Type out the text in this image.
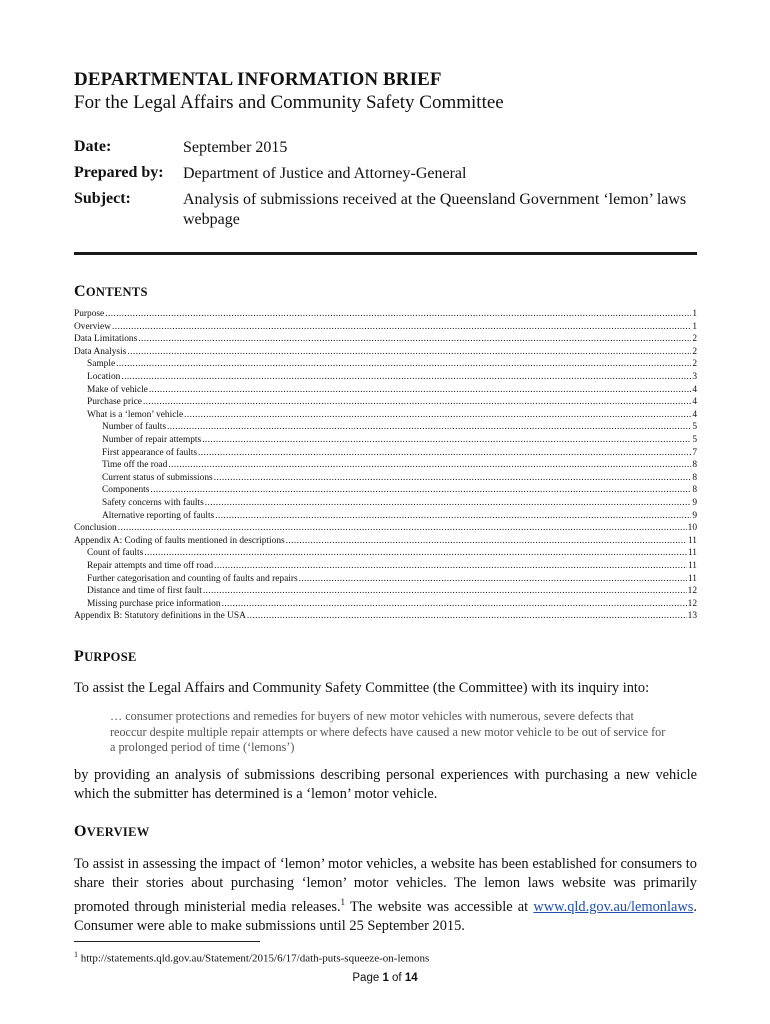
DEPARTMENTAL INFORMATION BRIEF
For the Legal Affairs and Community Safety Committee
Date:	September 2015
Prepared by: Department of Justice and Attorney-General
Subject:	Analysis of submissions received at the Queensland Government ‘lemon’ laws webpage
CONTENTS
Purpose .....	1
Overview .....	1
Data Limitations .....	2
Data Analysis .....	2
Sample .....	2
Location .....	3
Make of vehicle .....	4
Purchase price .....	4
What is a ‘lemon’ vehicle .....	4
Number of faults .....	5
Number of repair attempts .....	5
First appearance of faults .....	7
Time off the road .....	8
Current status of submissions .....	8
Components .....	8
Safety concerns with faults .....	9
Alternative reporting of faults .....	9
Conclusion .....	10
Appendix A: Coding of faults mentioned in descriptions .....	11
Count of faults .....	11
Repair attempts and time off road .....	11
Further categorisation and counting of faults and repairs .....	11
Distance and time of first fault .....	12
Missing purchase price information .....	12
Appendix B: Statutory definitions in the USA .....	13
PURPOSE
To assist the Legal Affairs and Community Safety Committee (the Committee) with its inquiry into:
… consumer protections and remedies for buyers of new motor vehicles with numerous, severe defects that reoccur despite multiple repair attempts or where defects have caused a new motor vehicle to be out of service for a prolonged period of time (‘lemons’)
by providing an analysis of submissions describing personal experiences with purchasing a new vehicle which the submitter has determined is a ‘lemon’ motor vehicle.
OVERVIEW
To assist in assessing the impact of ‘lemon’ motor vehicles, a website has been established for consumers to share their stories about purchasing ‘lemon’ motor vehicles. The lemon laws website was primarily promoted through ministerial media releases.$^1$ The website was accessible at www.qld.gov.au/lemonlaws. Consumer were able to make submissions until 25 September 2015.
$^1$ http://statements.qld.gov.au/Statement/2015/6/17/dath-puts-squeeze-on-lemons
Page 1 of 14
